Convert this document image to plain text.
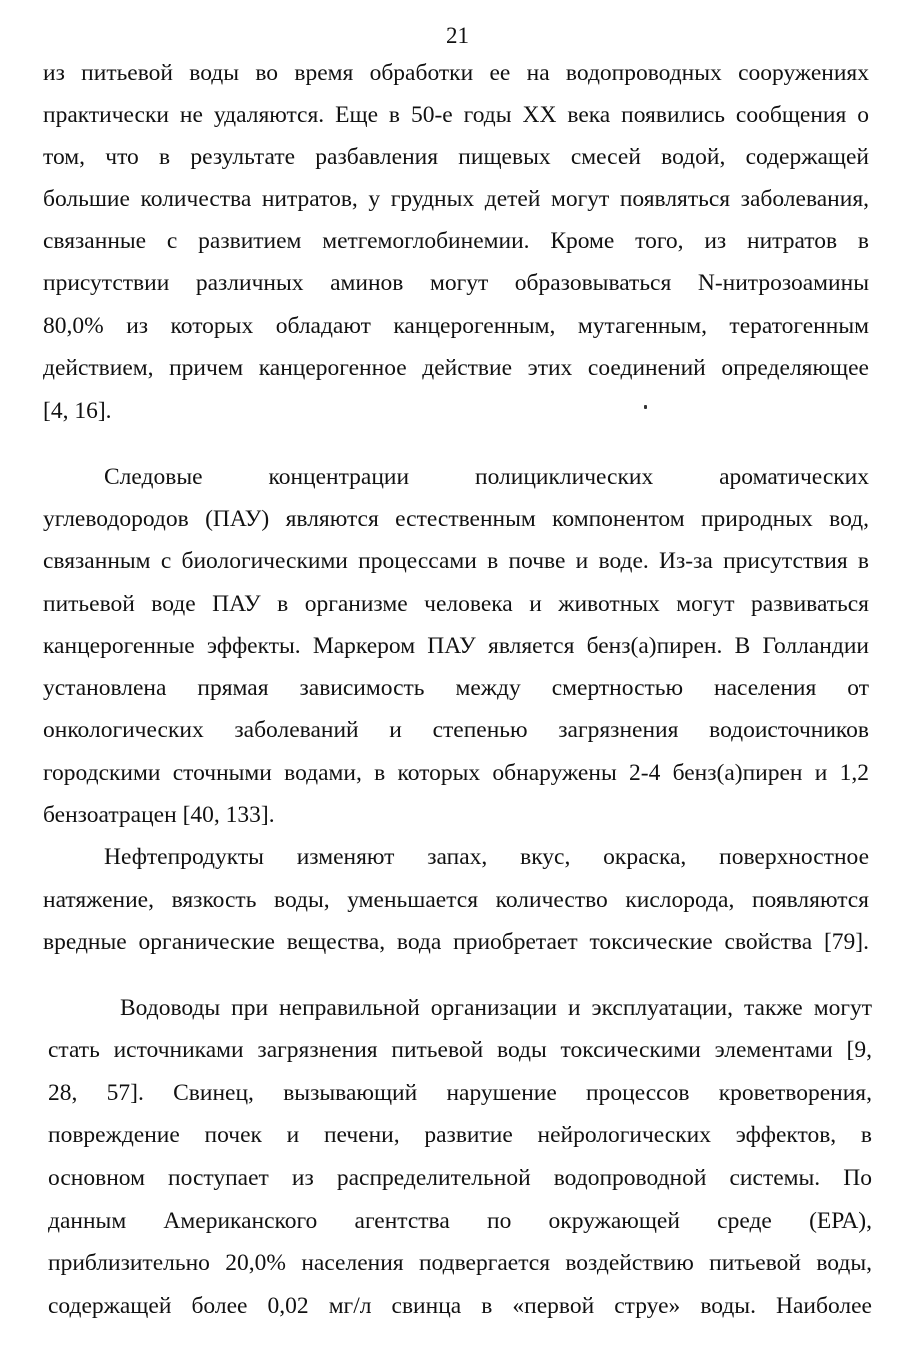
21
из питьевой воды во время обработки ее на водопроводных сооружениях
практически не удаляются. Еще в 50-е годы XX века появились сообщения о
том, что в результате разбавления пищевых смесей водой, содержащей
большие количества нитратов, у грудных детей могут появляться заболевания,
связанные с развитием метгемоглобинемии. Кроме того, из нитратов в
присутствии различных аминов могут образовываться N-нитрозоамины
80,0% из которых обладают канцерогенным, мутагенным, тератогенным
действием, причем канцерогенное действие этих соединений определяющее
[4, 16].
Следовые концентрации полициклических ароматических
углеводородов (ПАУ) являются естественным компонентом природных вод,
связанным с биологическими процессами в почве и воде. Из-за присутствия в
питьевой воде ПАУ в организме человека и животных могут развиваться
канцерогенные эффекты. Маркером ПАУ является бенз(а)пирен. В Голландии
установлена прямая зависимость между смертностью населения от
онкологических заболеваний и степенью загрязнения водоисточников
городскими сточными водами, в которых обнаружены 2-4 бенз(а)пирен и 1,2
бензоатрацен [40, 133].
Нефтепродукты изменяют запах, вкус, окраска, поверхностное
натяжение, вязкость воды, уменьшается количество кислорода, появляются
вредные органические вещества, вода приобретает токсические свойства [79].
Водоводы при неправильной организации и эксплуатации, также могут
стать источниками загрязнения питьевой воды токсическими элементами [9,
28, 57]. Свинец, вызывающий нарушение процессов кроветворения,
повреждение почек и печени, развитие нейрологических эффектов, в
основном поступает из распределительной водопроводной системы. По
данным Американского агентства по окружающей среде (ЕРА),
приблизительно 20,0% населения подвергается воздействию питьевой воды,
содержащей более 0,02 мг/л свинца в «первой струе» воды. Наиболее
